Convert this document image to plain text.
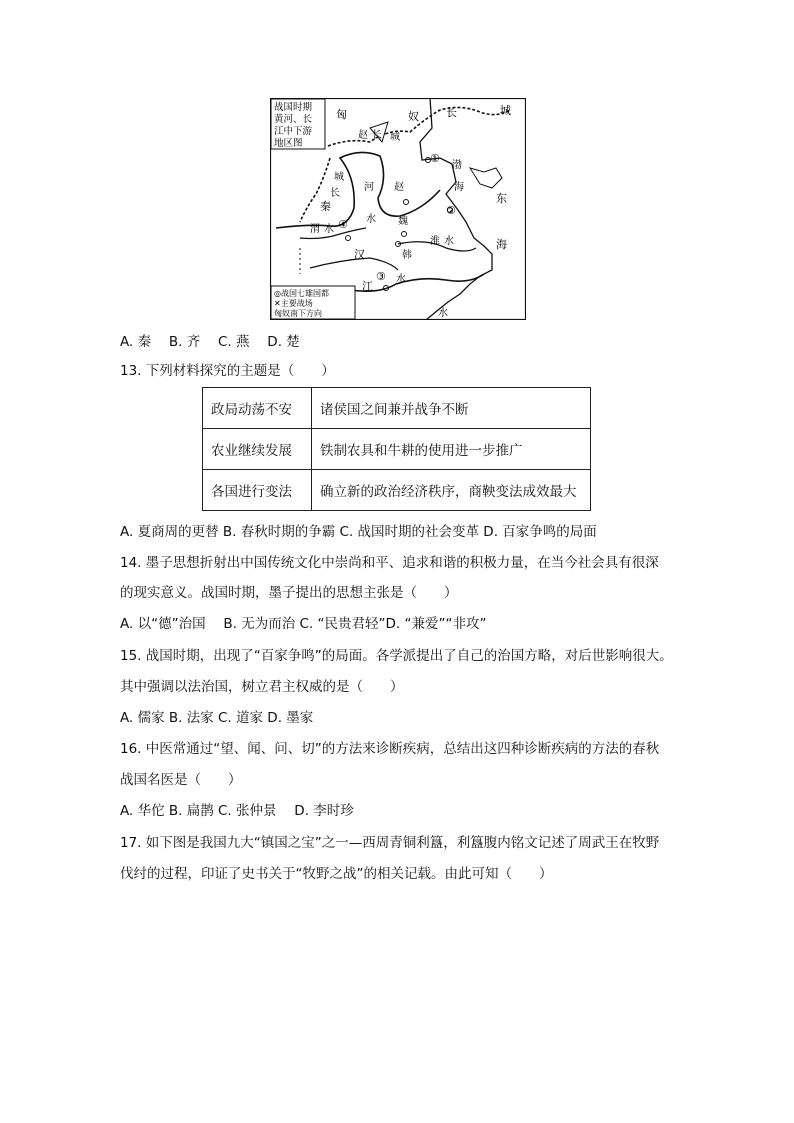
战国时期
黄河、长
江中下游
地区图
匈	奴 长	城
赵 长 城
城
长
河
秦
赵
渤
海
东
渭 水
水 魏
汉	韩
淮 水	海
水
江
水
①
②
③
④
◎战国七雄国都
✕主要战场
匈奴南下方向
A. 秦　 B. 齐　 C. 燕　 D. 楚
13. 下列材料探究的主题是（　　）
政局动荡不安	诸侯国之间兼并战争不断
农业继续发展	铁制农具和牛耕的使用进一步推广
各国进行变法	确立新的政治经济秩序，商鞅变法成效最大
A. 夏商周的更替 B. 春秋时期的争霸 C. 战国时期的社会变革 D. 百家争鸣的局面
14. 墨子思想折射出中国传统文化中崇尚和平、追求和谐的积极力量，在当今社会具有很深
的现实意义。战国时期，墨子提出的思想主张是（　　）
A. 以“德”治国　 B. 无为而治 C. “民贵君轻”D. “兼爱”“非攻”
15. 战国时期，出现了“百家争鸣”的局面。各学派提出了自己的治国方略，对后世影响很大。
其中强调以法治国，树立君主权威的是（　　）
A. 儒家 B. 法家 C. 道家 D. 墨家
16. 中医常通过“望、闻、问、切”的方法来诊断疾病，总结出这四种诊断疾病的方法的春秋
战国名医是（　　）
A. 华佗 B. 扁鹊 C. 张仲景　 D. 李时珍
17. 如下图是我国九大“镇国之宝”之一—西周青铜利簋，利簋腹内铭文记述了周武王在牧野
伐纣的过程，印证了史书关于“牧野之战”的相关记载。由此可知（　　）
